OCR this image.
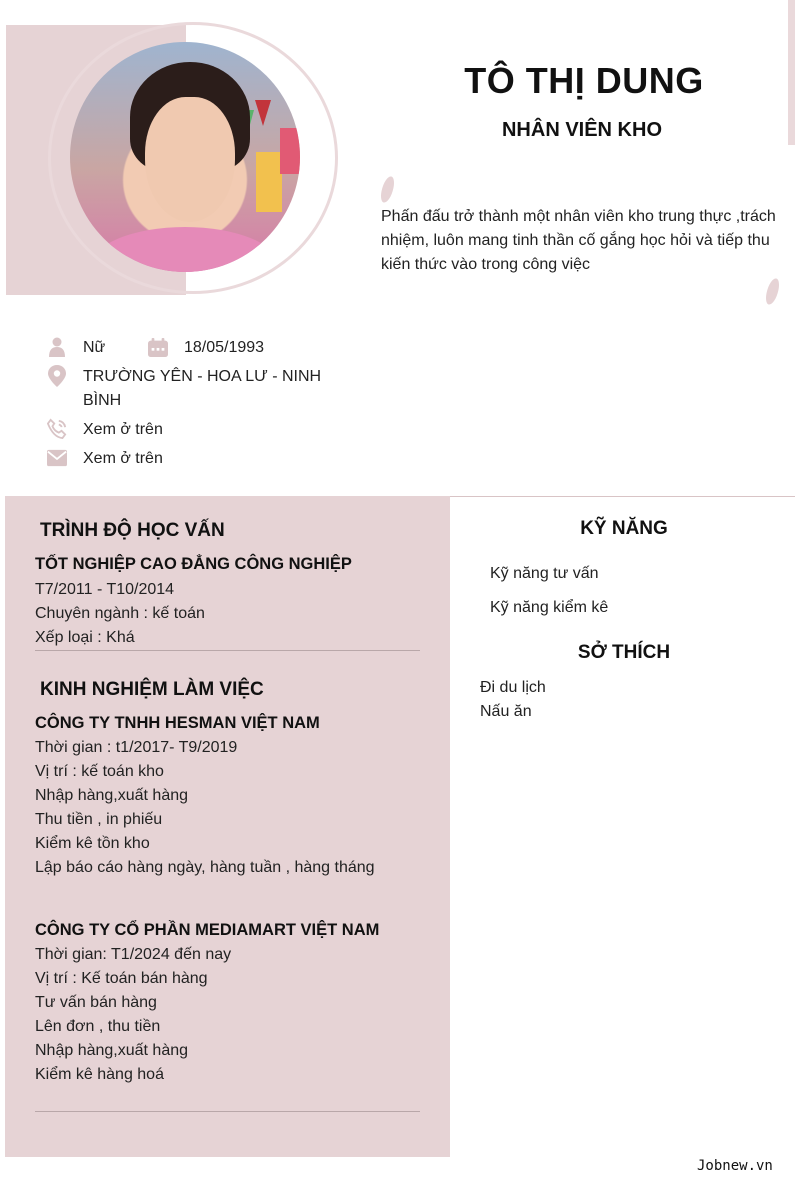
TÔ THỊ DUNG
NHÂN VIÊN KHO
Phấn đấu trở thành một nhân viên kho trung thực ,trách nhiệm, luôn mang tinh thần cố gắng học hỏi và tiếp thu kiến thức vào trong công việc
Nữ	18/05/1993
TRƯỜNG YÊN - HOA LƯ - NINH BÌNH
Xem ở trên
Xem ở trên
TRÌNH ĐỘ HỌC VẤN
TỐT NGHIỆP CAO ĐẲNG CÔNG NGHIỆP
T7/2011 - T10/2014
Chuyên ngành : kế toán
Xếp loại : Khá
KINH NGHIỆM LÀM VIỆC
CÔNG TY TNHH HESMAN VIỆT NAM
Thời gian : t1/2017- T9/2019
Vị trí : kế toán kho
Nhập hàng,xuất hàng
Thu tiền , in phiếu
Kiểm kê tồn kho
Lập báo cáo hàng ngày, hàng tuần , hàng tháng
CÔNG TY CỔ PHẦN MEDIAMART VIỆT NAM
Thời gian: T1/2024 đến nay
Vị trí : Kế toán bán hàng
Tư vấn bán hàng
Lên đơn , thu tiền
Nhập hàng,xuất hàng
Kiểm kê hàng hoá
KỸ NĂNG
Kỹ năng tư vấn
Kỹ năng kiểm kê
SỞ THÍCH
Đi du lịch
Nấu ăn
Jobnew.vn
